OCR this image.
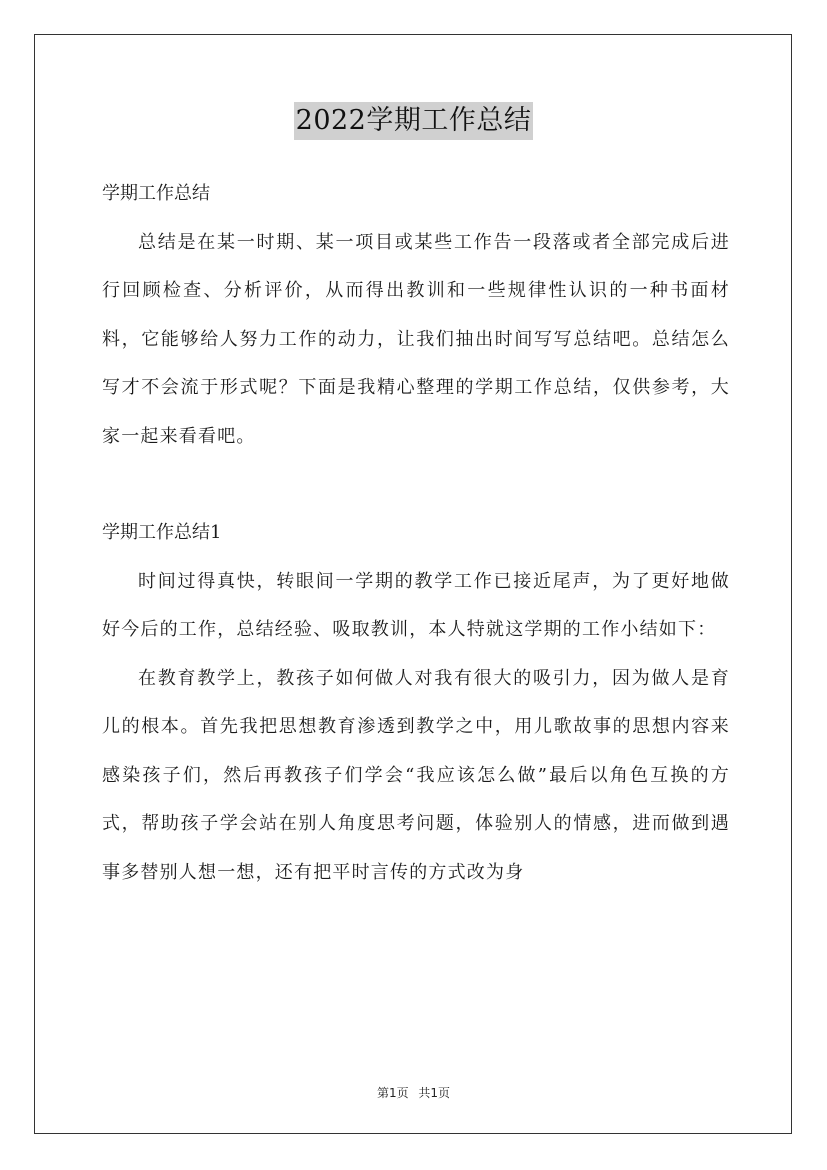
2022学期工作总结

学期工作总结

总结是在某一时期、某一项目或某些工作告一段落或者全部完成后进行回顾检查、分析评价，从而得出教训和一些规律性认识的一种书面材料，它能够给人努力工作的动力，让我们抽出时间写写总结吧。总结怎么写才不会流于形式呢？下面是我精心整理的学期工作总结，仅供参考，大家一起来看看吧。

学期工作总结1

时间过得真快，转眼间一学期的教学工作已接近尾声，为了更好地做好今后的工作，总结经验、吸取教训，本人特就这学期的工作小结如下：

在教育教学上，教孩子如何做人对我有很大的吸引力，因为做人是育儿的根本。首先我把思想教育渗透到教学之中，用儿歌故事的思想内容来感染孩子们，然后再教孩子们学会“我应该怎么做”最后以角色互换的方式，帮助孩子学会站在别人角度思考问题，体验别人的情感，进而做到遇事多替别人想一想，还有把平时言传的方式改为身

第1页 共1页
